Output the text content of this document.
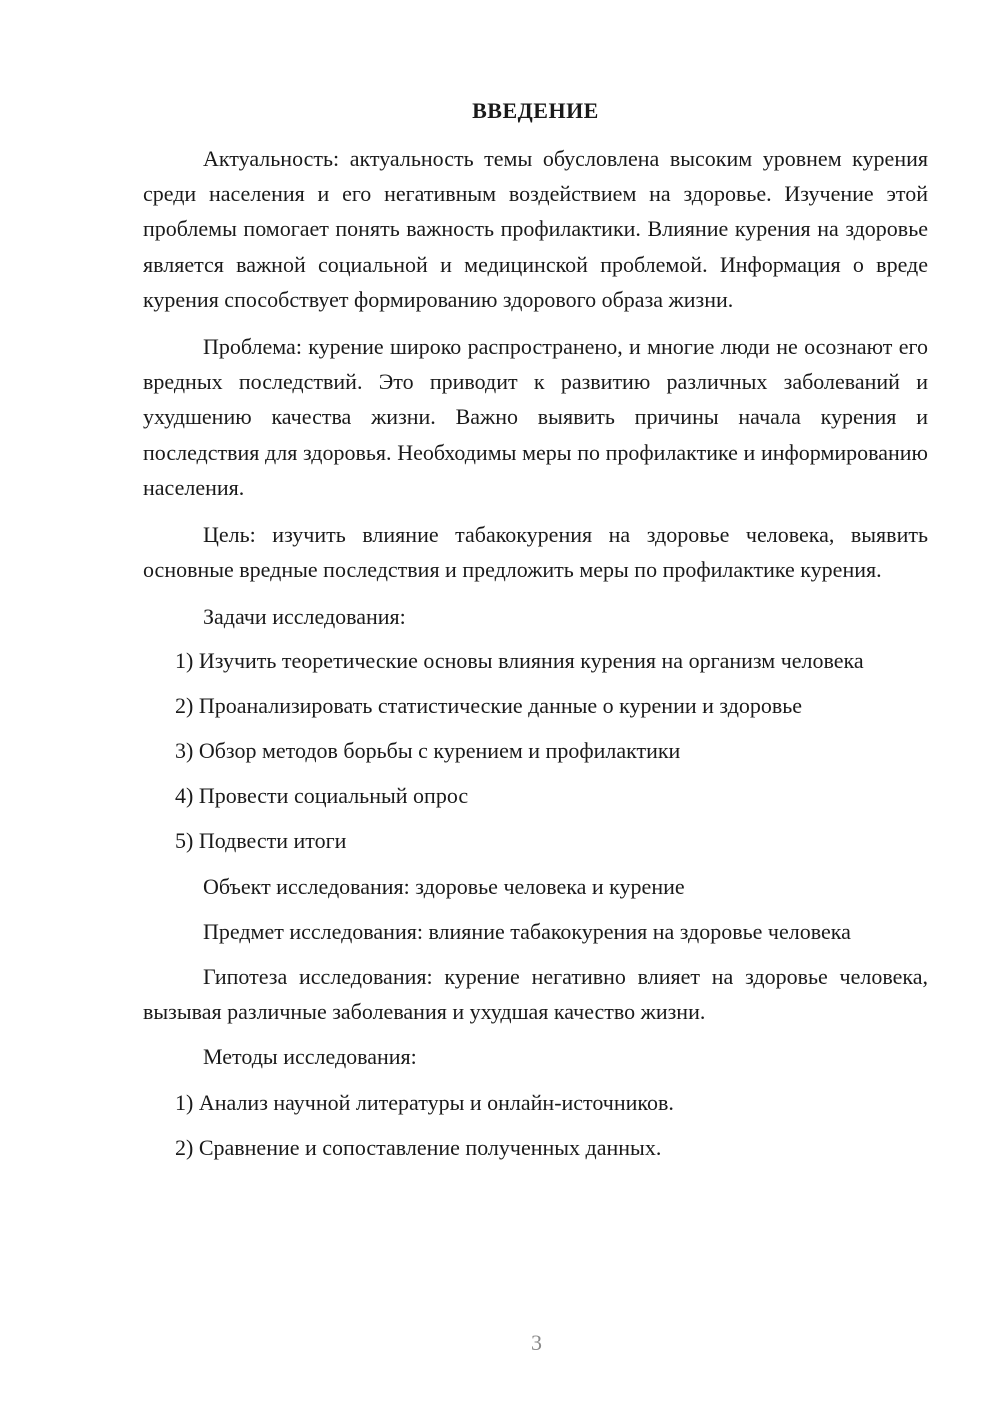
ВВЕДЕНИЕ

Актуальность: актуальность темы обусловлена высоким уровнем курения среди населения и его негативным воздействием на здоровье. Изучение этой проблемы помогает понять важность профилактики. Влияние курения на здоровье является важной социальной и медицинской проблемой. Информация о вреде курения способствует формированию здорового образа жизни.

Проблема: курение широко распространено, и многие люди не осознают его вредных последствий. Это приводит к развитию различных заболеваний и ухудшению качества жизни. Важно выявить причины начала курения и последствия для здоровья. Необходимы меры по профилактике и информированию населения.

Цель: изучить влияние табакокурения на здоровье человека, выявить основные вредные последствия и предложить меры по профилактике курения.

Задачи исследования:

1) Изучить теоретические основы влияния курения на организм человека

2) Проанализировать статистические данные о курении и здоровье

3) Обзор методов борьбы с курением и профилактики

4) Провести социальный опрос

5) Подвести итоги

Объект исследования: здоровье человека и курение

Предмет исследования: влияние табакокурения на здоровье человека

Гипотеза исследования: курение негативно влияет на здоровье человека, вызывая различные заболевания и ухудшая качество жизни.

Методы исследования:

1) Анализ научной литературы и онлайн-источников.

2) Сравнение и сопоставление полученных данных.

3
